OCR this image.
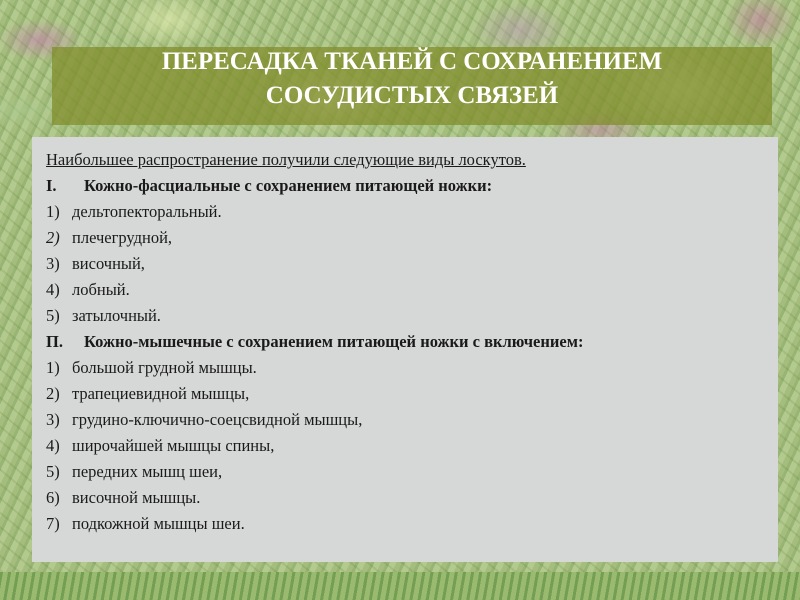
ПЕРЕСАДКА ТКАНЕЙ С СОХРАНЕНИЕМ
СОСУДИСТЫХ СВЯЗЕЙ

Наибольшее распространение получили следующие виды лоскутов.

I.	Кожно-фасциальные с сохранением питающей ножки:
1) дельтопекторальный.
2) плечегрудной,
3) височный,
4) лобный.
5) затылочный.
П.	Кожно-мышечные с сохранением питающей ножки с включением:
1) большой грудной мышцы.
2) трапециевидной мышцы,
3) грудино-ключично-соецсвидной мышцы,
4) широчайшей мышцы спины,
5) передних мышц шеи,
6) височной мышцы.
7) подкожной мышцы шеи.
